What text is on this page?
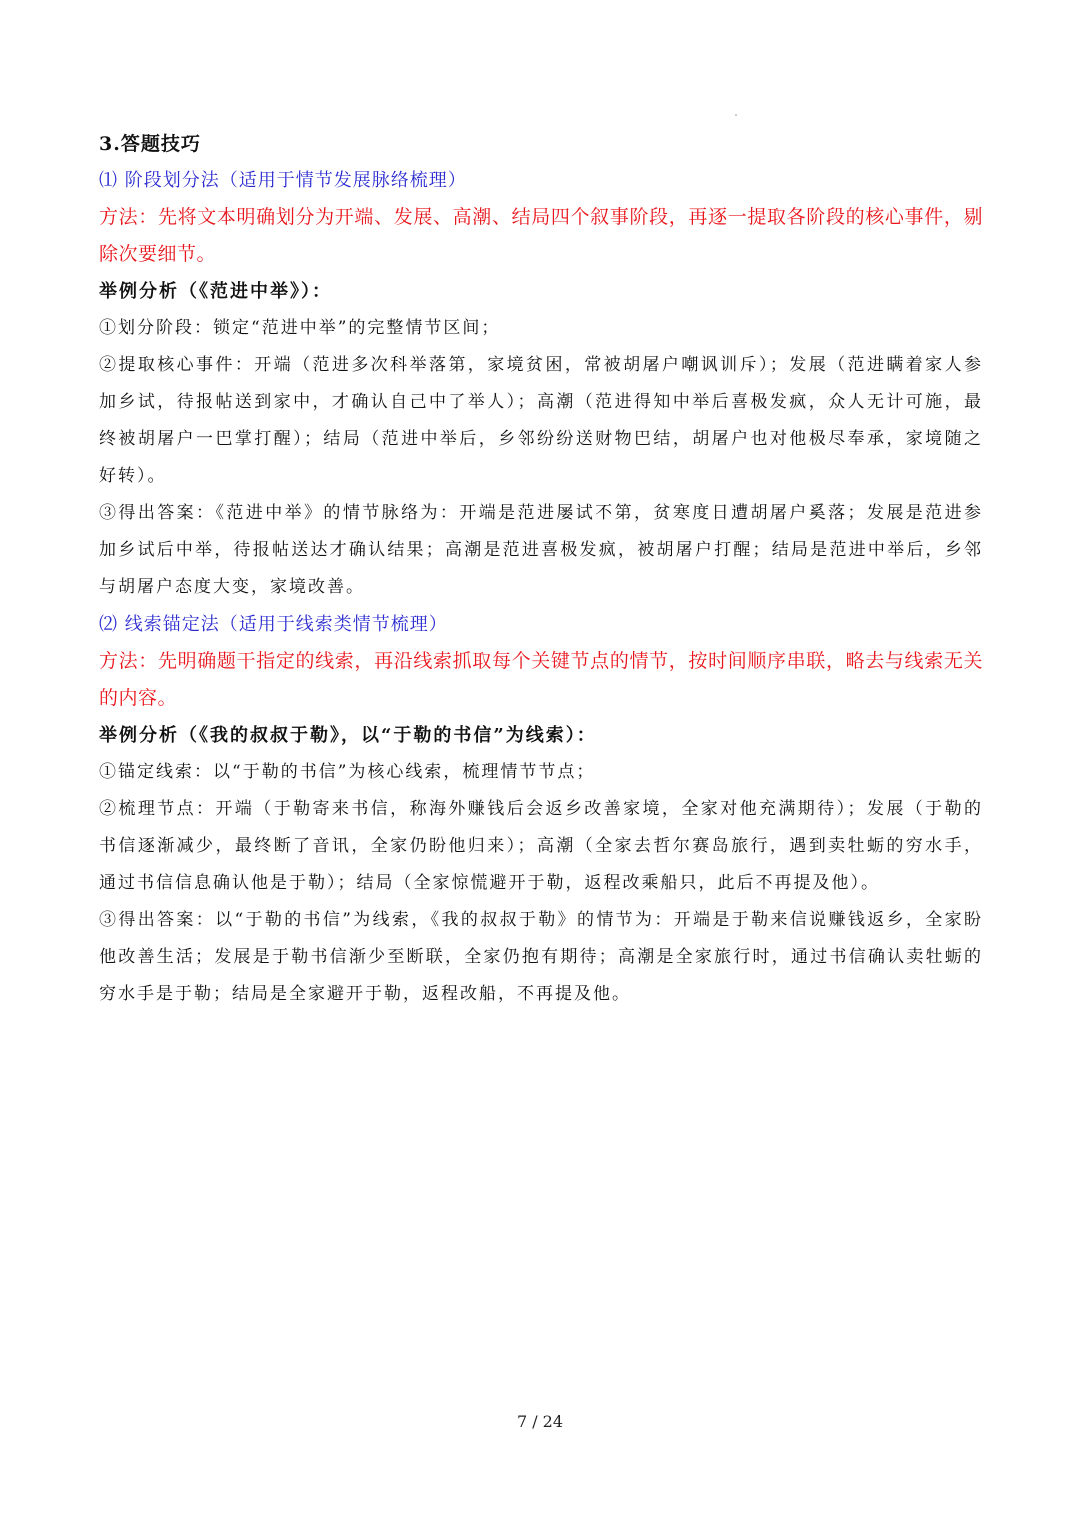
3.答题技巧

⑴ 阶段划分法（适用于情节发展脉络梳理）

方法：先将文本明确划分为开端、发展、高潮、结局四个叙事阶段，再逐一提取各阶段的核心事件，剔除次要细节。

举例分析（《范进中举》）：

①划分阶段：锁定“范进中举”的完整情节区间；

②提取核心事件：开端（范进多次科举落第，家境贫困，常被胡屠户嘲讽训斥）；发展（范进瞒着家人参加乡试，待报帖送到家中，才确认自己中了举人）；高潮（范进得知中举后喜极发疯，众人无计可施，最终被胡屠户一巴掌打醒）；结局（范进中举后，乡邻纷纷送财物巴结，胡屠户也对他极尽奉承，家境随之好转）。

③得出答案：《范进中举》的情节脉络为：开端是范进屡试不第，贫寒度日遭胡屠户奚落；发展是范进参加乡试后中举，待报帖送达才确认结果；高潮是范进喜极发疯，被胡屠户打醒；结局是范进中举后，乡邻与胡屠户态度大变，家境改善。

⑵ 线索锚定法（适用于线索类情节梳理）

方法：先明确题干指定的线索，再沿线索抓取每个关键节点的情节，按时间顺序串联，略去与线索无关的内容。

举例分析（《我的叔叔于勒》，以“于勒的书信”为线索）：

①锚定线索：以“于勒的书信”为核心线索，梳理情节节点；

②梳理节点：开端（于勒寄来书信，称海外赚钱后会返乡改善家境，全家对他充满期待）；发展（于勒的书信逐渐减少，最终断了音讯，全家仍盼他归来）；高潮（全家去哲尔赛岛旅行，遇到卖牡蛎的穷水手，通过书信信息确认他是于勒）；结局（全家惊慌避开于勒，返程改乘船只，此后不再提及他）。

③得出答案：以“于勒的书信”为线索，《我的叔叔于勒》的情节为：开端是于勒来信说赚钱返乡，全家盼他改善生活；发展是于勒书信渐少至断联，全家仍抱有期待；高潮是全家旅行时，通过书信确认卖牡蛎的穷水手是于勒；结局是全家避开于勒，返程改船，不再提及他。

7 / 24
